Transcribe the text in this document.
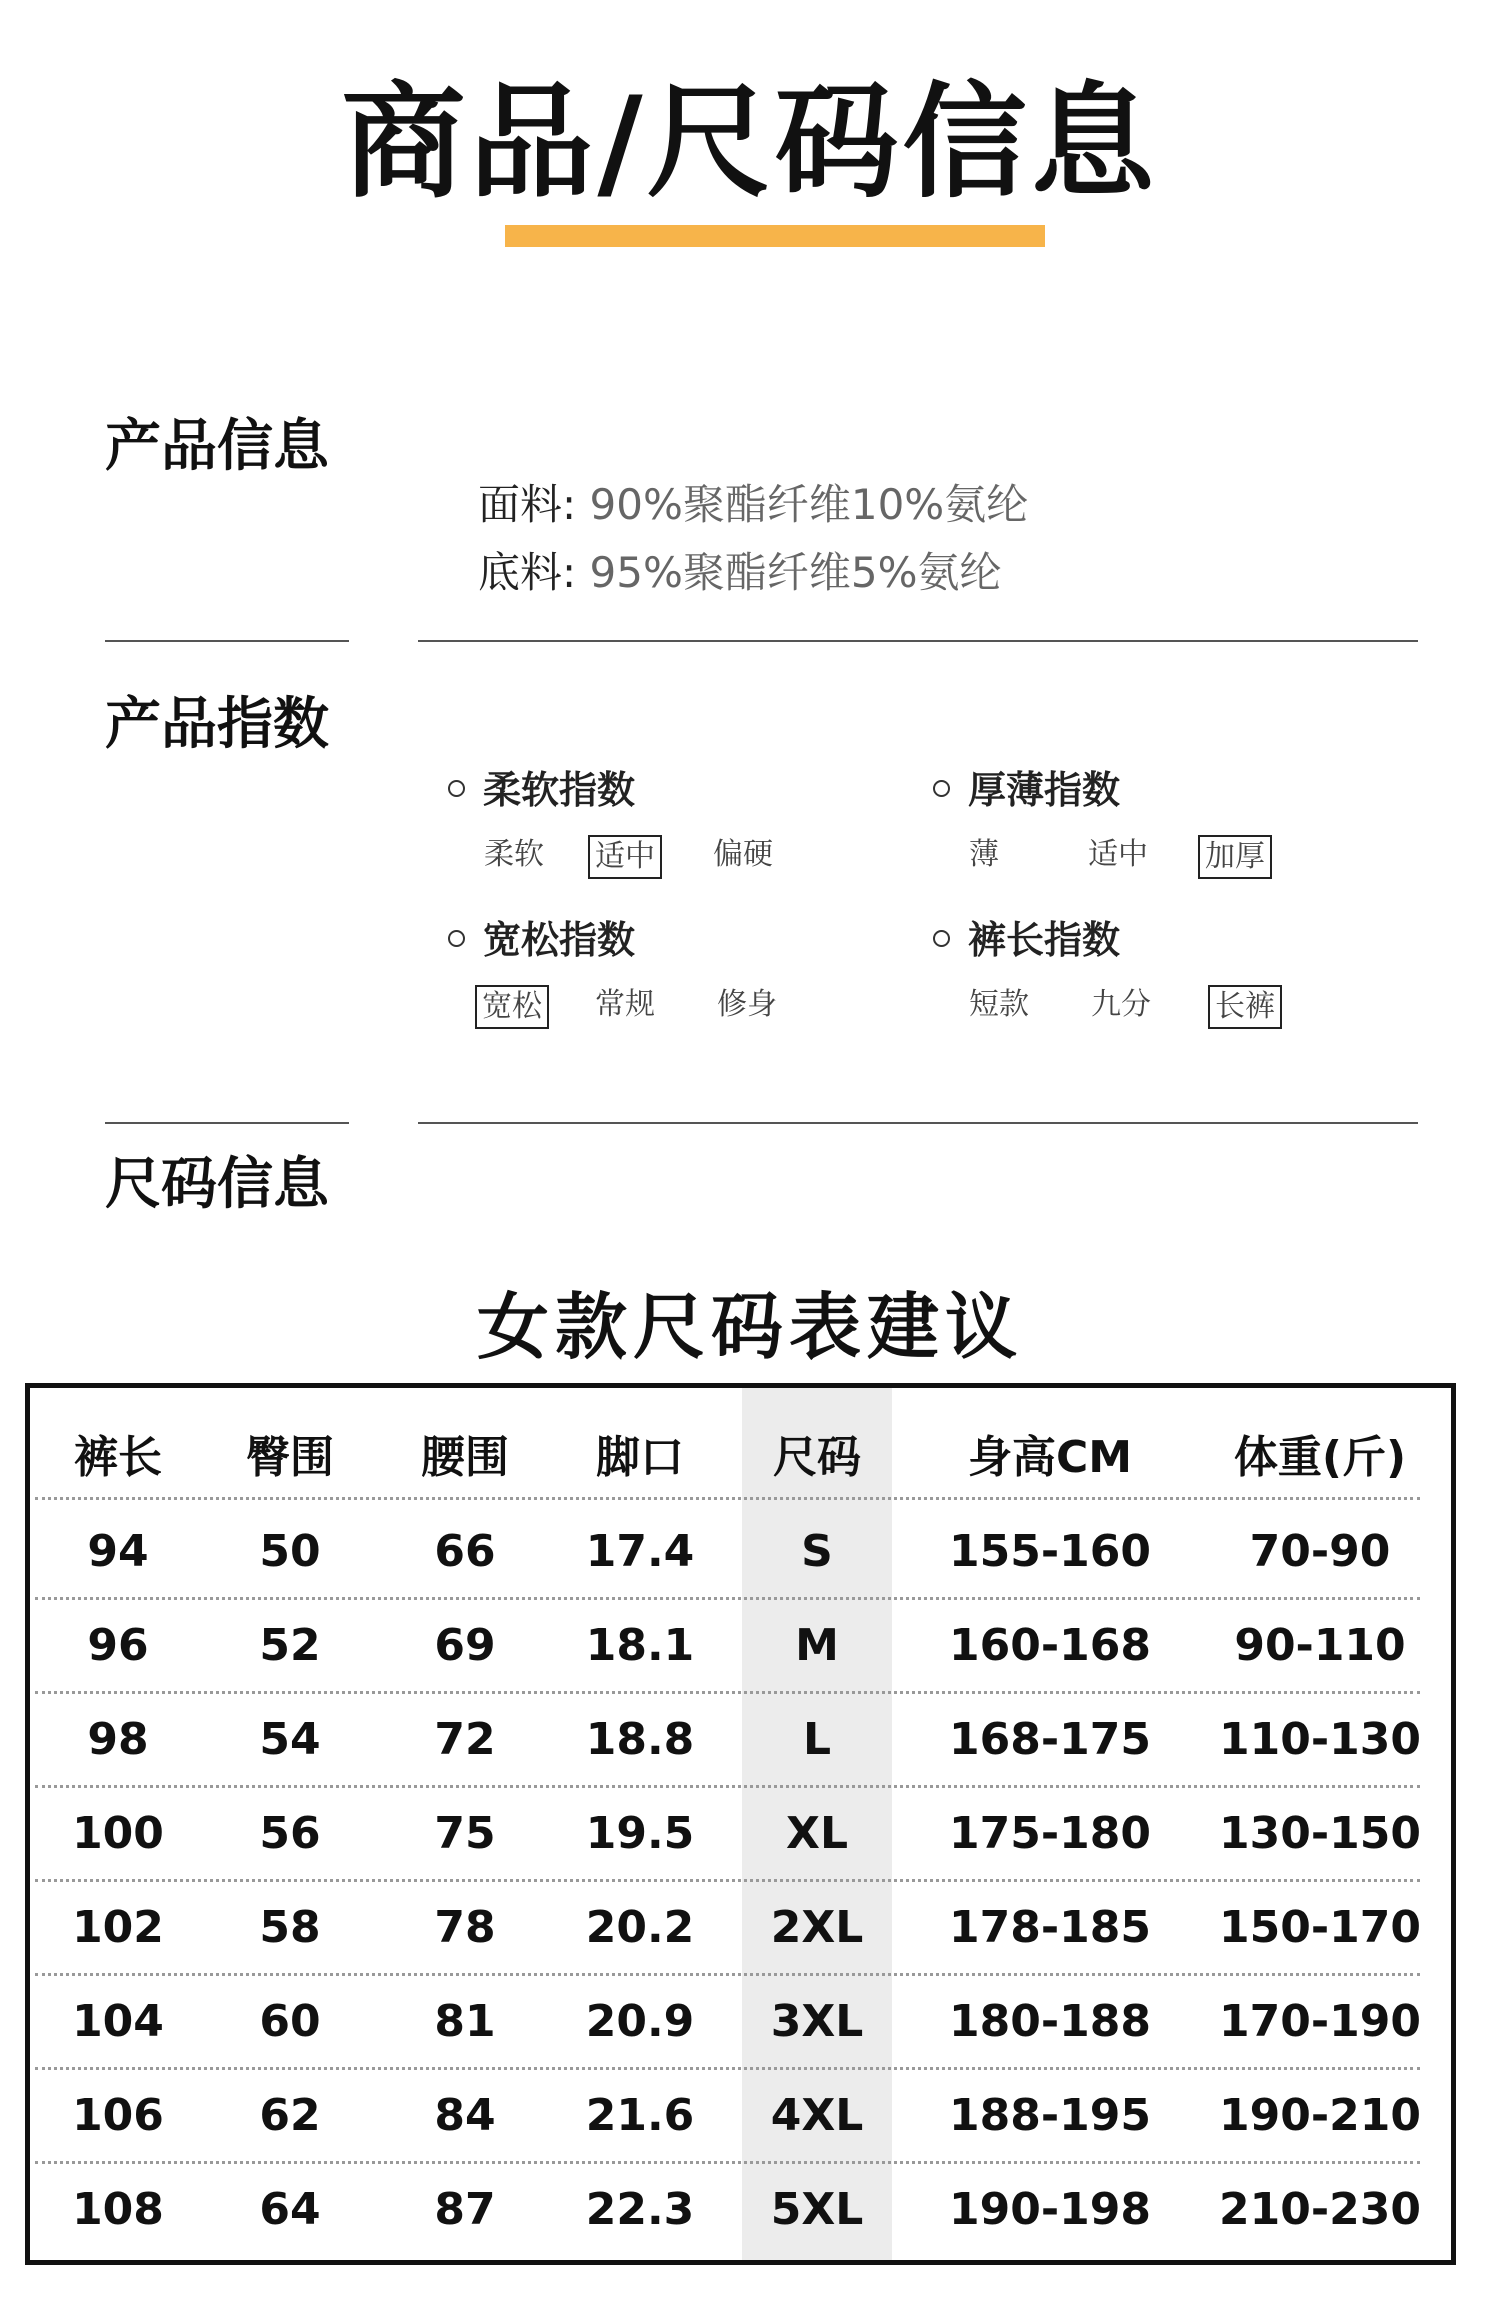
商品/尺码信息
产品信息
面料: 90%聚酯纤维10%氨纶
底料: 95%聚酯纤维5%氨纶
产品指数
柔软指数
柔软 适中 偏硬
厚薄指数
薄	适中 加厚
宽松指数
宽松 常规 修身
裤长指数
短款 九分 长裤
尺码信息
女款尺码表建议
裤长	臀围	腰围	脚口	尺码	身高CM	体重(斤)
94	50	66	17.4	S	155-160	70-90
96	52	69	18.1	M	160-168	90-110
98	54	72	18.8	L	168-175	110-130
100	56	75	19.5	XL	175-180	130-150
102	58	78	20.2	2XL	178-185	150-170
104	60	81	20.9	3XL	180-188	170-190
106	62	84	21.6	4XL	188-195	190-210
108	64	87	22.3	5XL	190-198	210-230
